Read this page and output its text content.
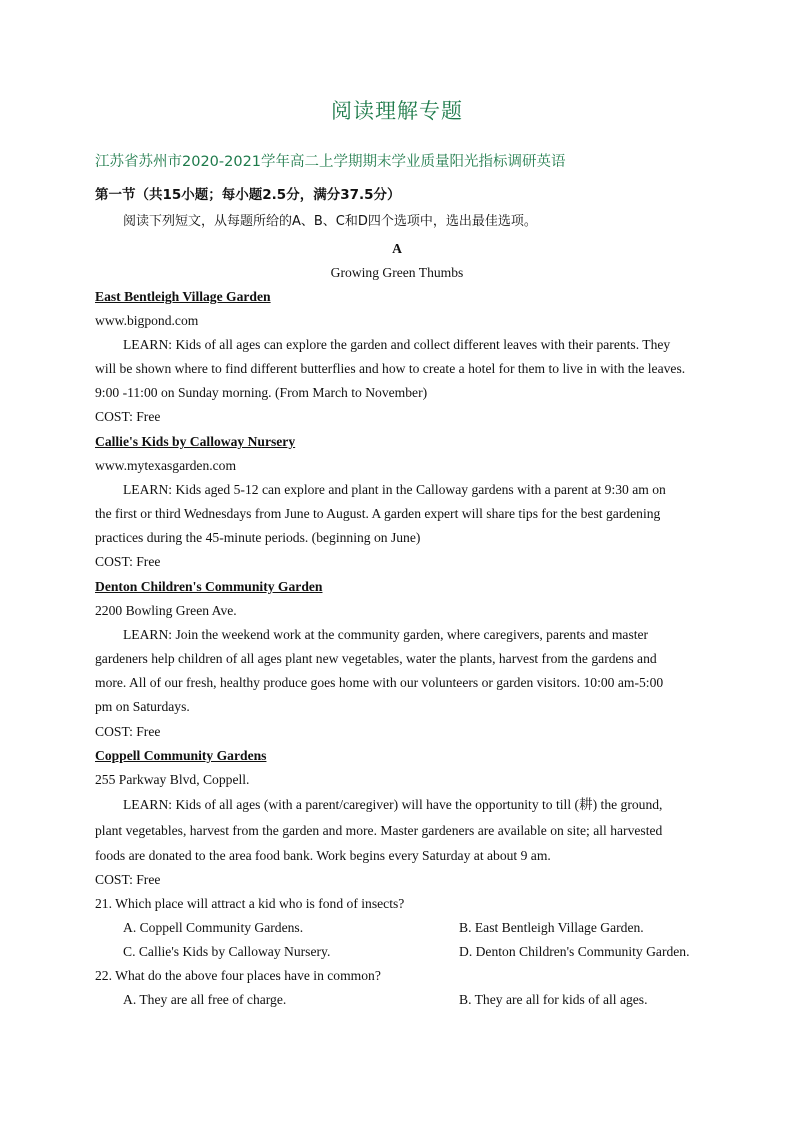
阅读理解专题
江苏省苏州市2020-2021学年高二上学期期末学业质量阳光指标调研英语
第一节（共15小题；每小题2.5分，满分37.5分）
阅读下列短文，从每题所给的A、B、C和D四个选项中，选出最佳选项。
A
Growing Green Thumbs
East Bentleigh Village Garden
www.bigpond.com
LEARN: Kids of all ages can explore the garden and collect different leaves with their parents. They
will be shown where to find different butterflies and how to create a hotel for them to live in with the leaves.
9:00 -11:00 on Sunday morning. (From March to November)
COST: Free
Callie's Kids by Calloway Nursery
www.mytexasgarden.com
LEARN: Kids aged 5-12 can explore and plant in the Calloway gardens with a parent at 9:30 am on
the first or third Wednesdays from June to August. A garden expert will share tips for the best gardening
practices during the 45-minute periods. (beginning on June)
COST: Free
Denton Children's Community Garden
2200 Bowling Green Ave.
LEARN: Join the weekend work at the community garden, where caregivers, parents and master
gardeners help children of all ages plant new vegetables, water the plants, harvest from the gardens and
more. All of our fresh, healthy produce goes home with our volunteers or garden visitors. 10:00 am-5:00
pm on Saturdays.
COST: Free
Coppell Community Gardens
255 Parkway Blvd, Coppell.
LEARN: Kids of all ages (with a parent/caregiver) will have the opportunity to till (耕) the ground,
plant vegetables, harvest from the garden and more. Master gardeners are available on site; all harvested
foods are donated to the area food bank. Work begins every Saturday at about 9 am.
COST: Free
21. Which place will attract a kid who is fond of insects?
A. Coppell Community Gardens.	B. East Bentleigh Village Garden.
C. Callie's Kids by Calloway Nursery.	D. Denton Children's Community Garden.
22. What do the above four places have in common?
A. They are all free of charge.	B. They are all for kids of all ages.
